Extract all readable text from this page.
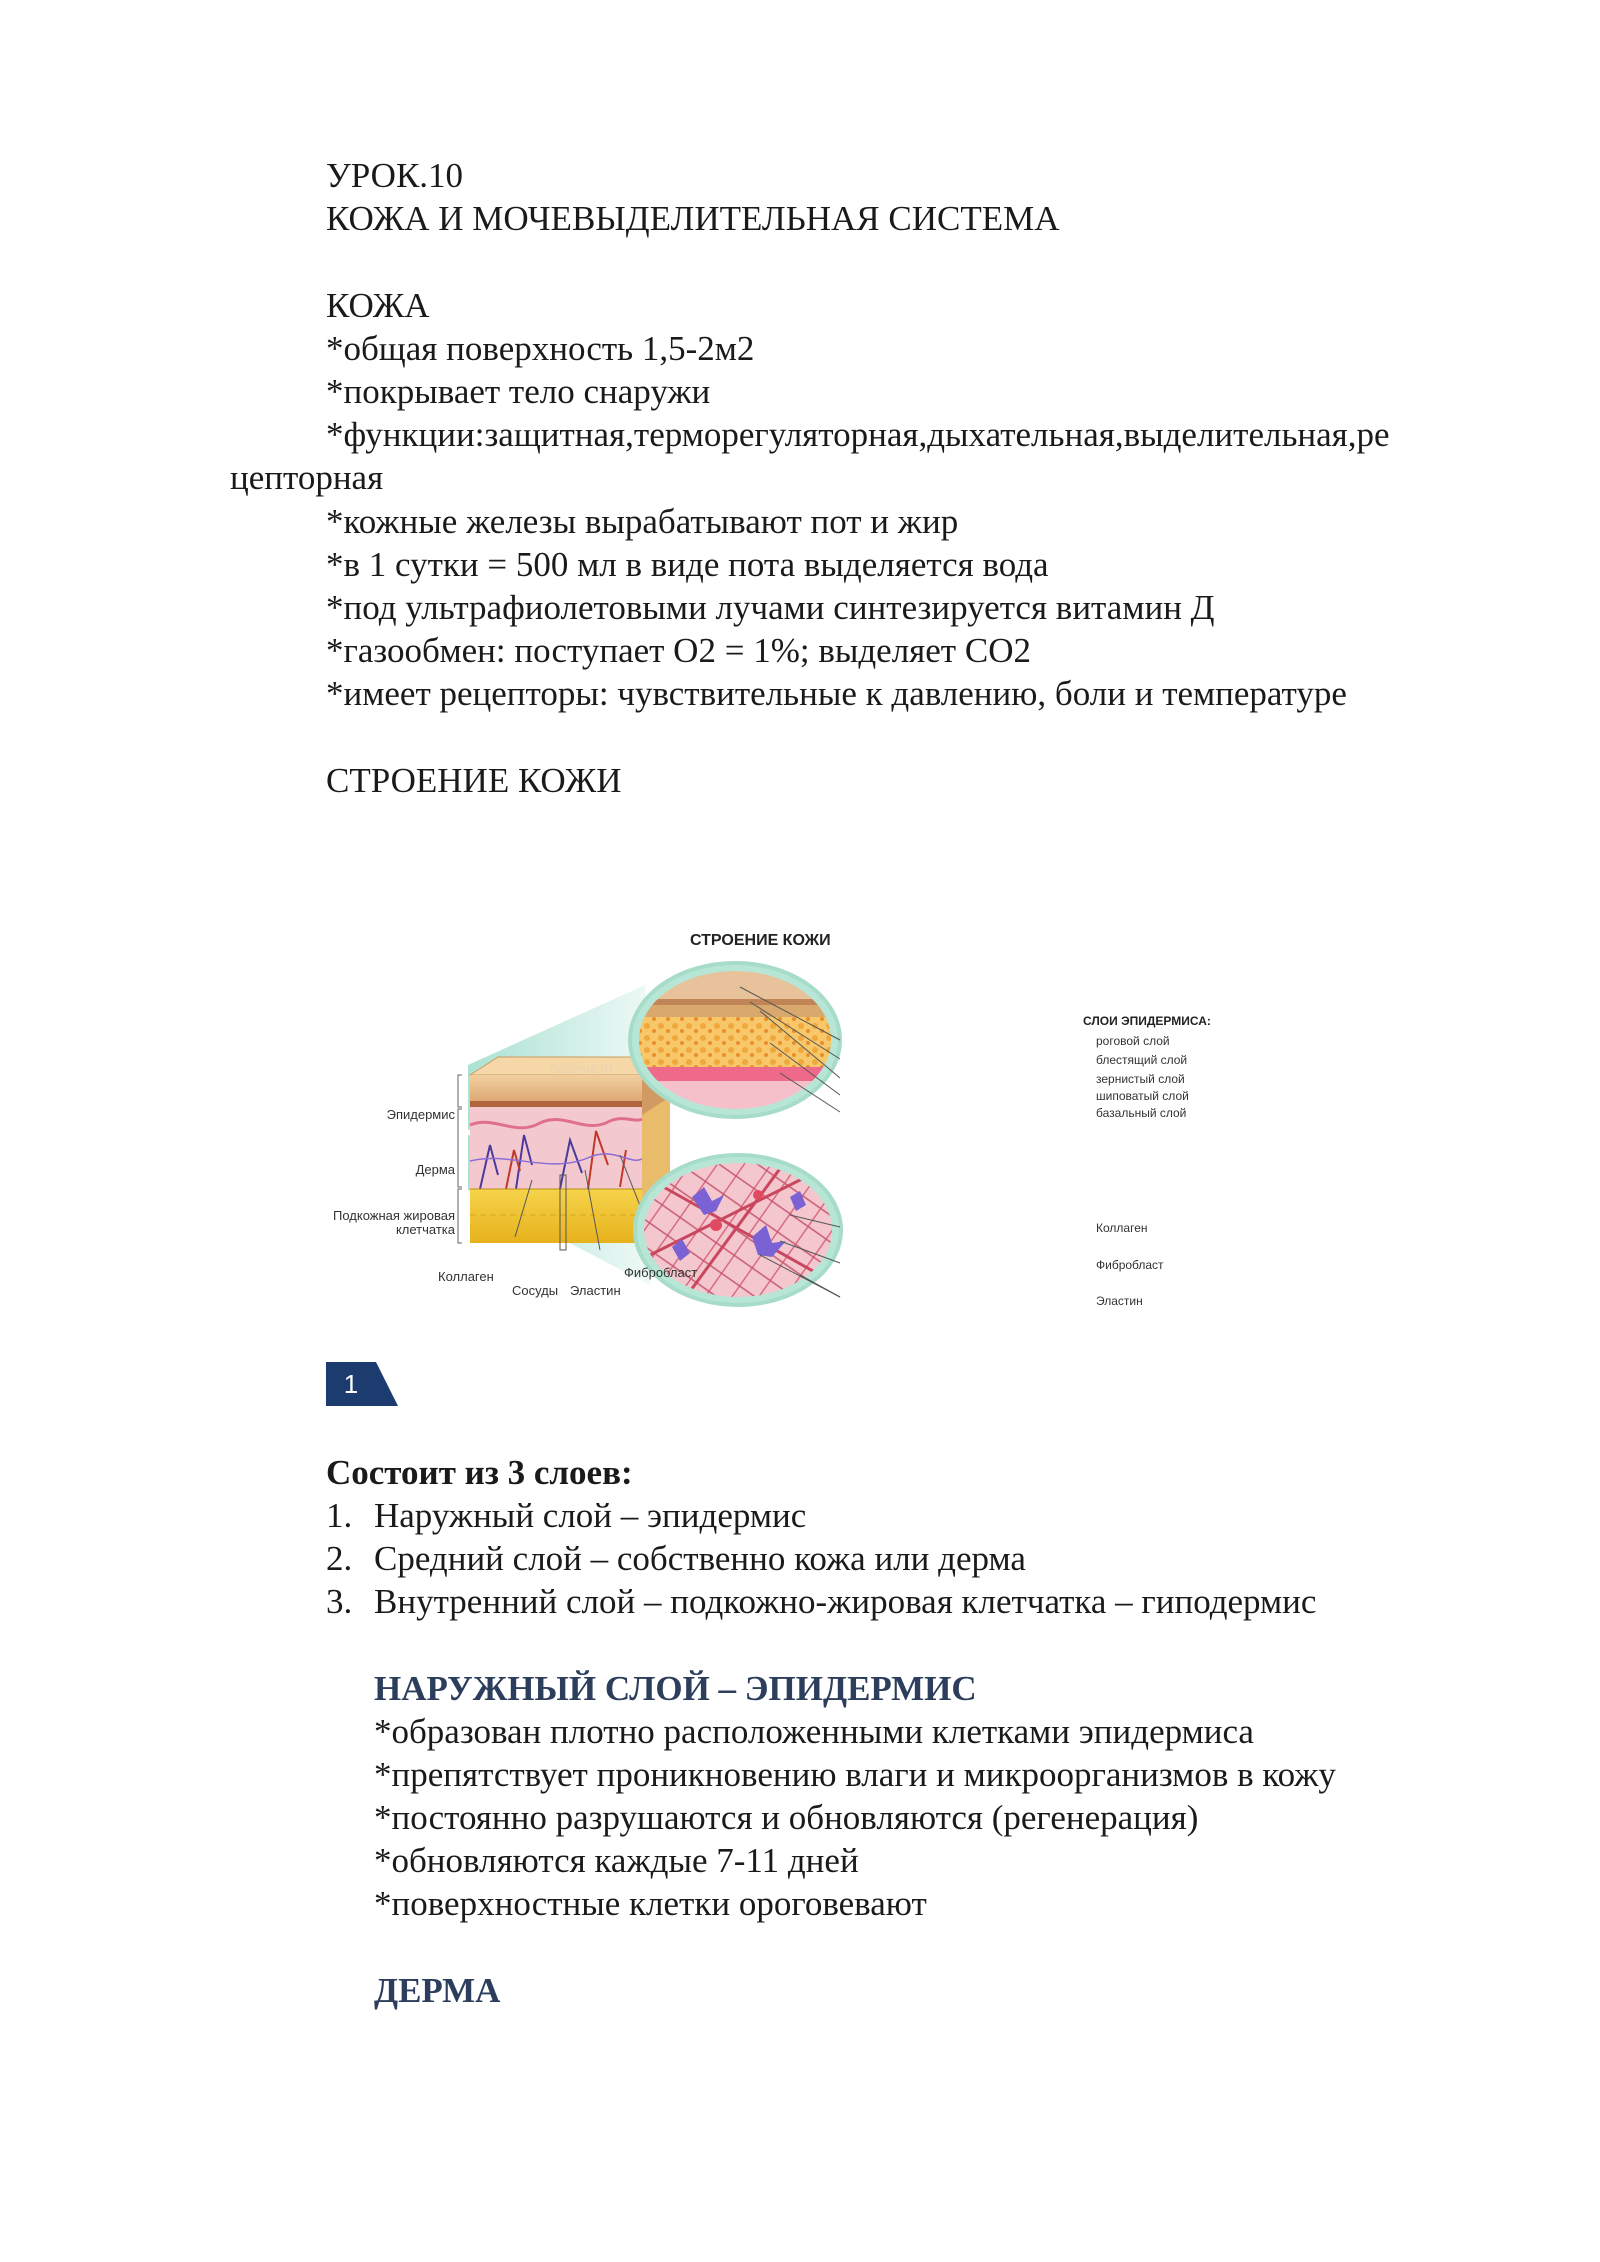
УРОК.10
КОЖА И МОЧЕВЫДЕЛИТЕЛЬНАЯ СИСТЕМА
КОЖА
*общая поверхность 1,5-2м2
*покрывает тело снаружи
*функции:защитная,терморегуляторная,дыхательная,выделительная,ре
цепторная
*кожные железы вырабатывают пот и жир
*в 1 сутки = 500 мл в виде пота выделяется вода
*под ультрафиолетовыми лучами синтезируется витамин Д
*газообмен: поступает О2 = 1%; выделяет СО2
*имеет рецепторы: чувствительные к давлению, боли и температуре
СТРОЕНИЕ КОЖИ
СТРОЕНИЕ КОЖИ
Sistema.ru
Эпидермис
Дерма
Подкожная жировая
клетчатка
Коллаген
Сосуды Эластин
Фибробласт
СЛОИ ЭПИДЕРМИСА:
роговой слой
блестящий слой
зернистый слой
шиповатый слой
базальный слой
Коллаген
Фибробласт
Эластин
1
Состоит из 3 слоев:
1. Наружный слой – эпидермис
2. Средний слой – собственно кожа или дерма
3. Внутренний слой – подкожно-жировая клетчатка – гиподермис
НАРУЖНЫЙ СЛОЙ – ЭПИДЕРМИС
*образован плотно расположенными клетками эпидермиса
*препятствует проникновению влаги и микроорганизмов в кожу
*постоянно разрушаются и обновляются (регенерация)
*обновляются каждые 7-11 дней
*поверхностные клетки ороговевают
ДЕРМА
